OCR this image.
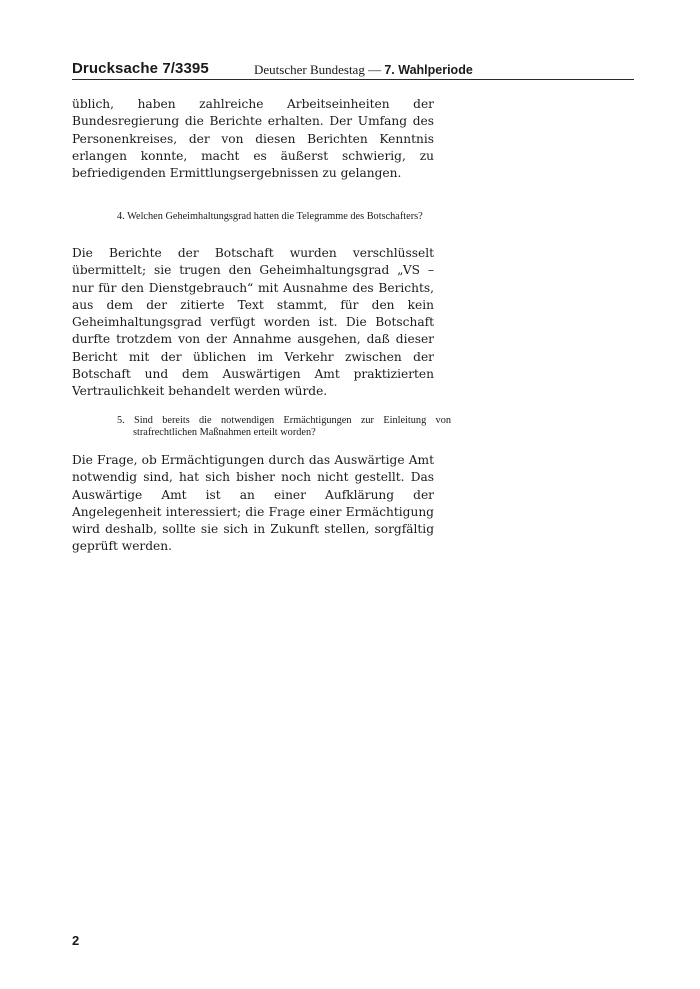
Drucksache 7/3395	Deutscher Bundestag — 7. Wahlperiode

üblich, haben zahlreiche Arbeitseinheiten der Bundesregierung die Berichte erhalten. Der Umfang des Personenkreises, der von diesen Berichten Kenntnis erlangen konnte, macht es äußerst schwierig, zu befriedigenden Ermittlungsergebnissen zu gelangen.

4. Welchen Geheimhaltungsgrad hatten die Telegramme des Botschafters?

Die Berichte der Botschaft wurden verschlüsselt übermittelt; sie trugen den Geheimhaltungsgrad „VS – nur für den Dienstgebrauch“ mit Ausnahme des Berichts, aus dem der zitierte Text stammt, für den kein Geheimhaltungsgrad verfügt worden ist. Die Botschaft durfte trotzdem von der Annahme ausgehen, daß dieser Bericht mit der üblichen im Verkehr zwischen der Botschaft und dem Auswärtigen Amt praktizierten Vertraulichkeit behandelt werden würde.

5. Sind bereits die notwendigen Ermächtigungen zur Einleitung von strafrechtlichen Maßnahmen erteilt worden?

Die Frage, ob Ermächtigungen durch das Auswärtige Amt notwendig sind, hat sich bisher noch nicht gestellt. Das Auswärtige Amt ist an einer Aufklärung der Angelegenheit interessiert; die Frage einer Ermächtigung wird deshalb, sollte sie sich in Zukunft stellen, sorgfältig geprüft werden.

2
